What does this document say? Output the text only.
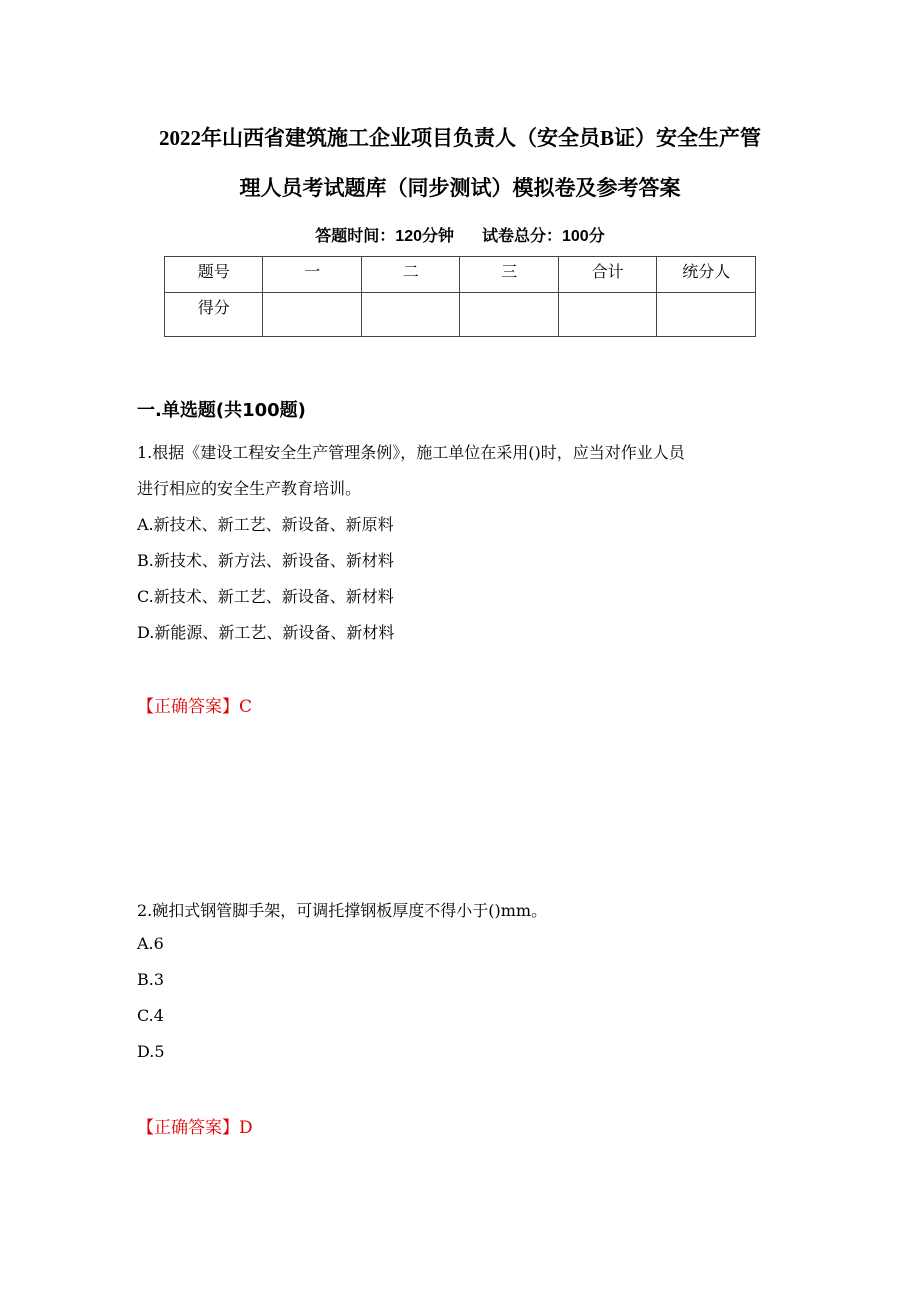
2022年山西省建筑施工企业项目负责人（安全员B证）安全生产管
理人员考试题库（同步测试）模拟卷及参考答案
答题时间：120分钟 试卷总分：100分
题号	一	二	三	合计	统分人
得分					
一.单选题(共100题)
1.根据《建设工程安全生产管理条例》，施工单位在采用()时，应当对作业人员
进行相应的安全生产教育培训。
A.新技术、新工艺、新设备、新原料
B.新技术、新方法、新设备、新材料
C.新技术、新工艺、新设备、新材料
D.新能源、新工艺、新设备、新材料
【正确答案】C
2.碗扣式钢管脚手架，可调托撑钢板厚度不得小于()mm。
A.6
B.3
C.4
D.5
【正确答案】D
